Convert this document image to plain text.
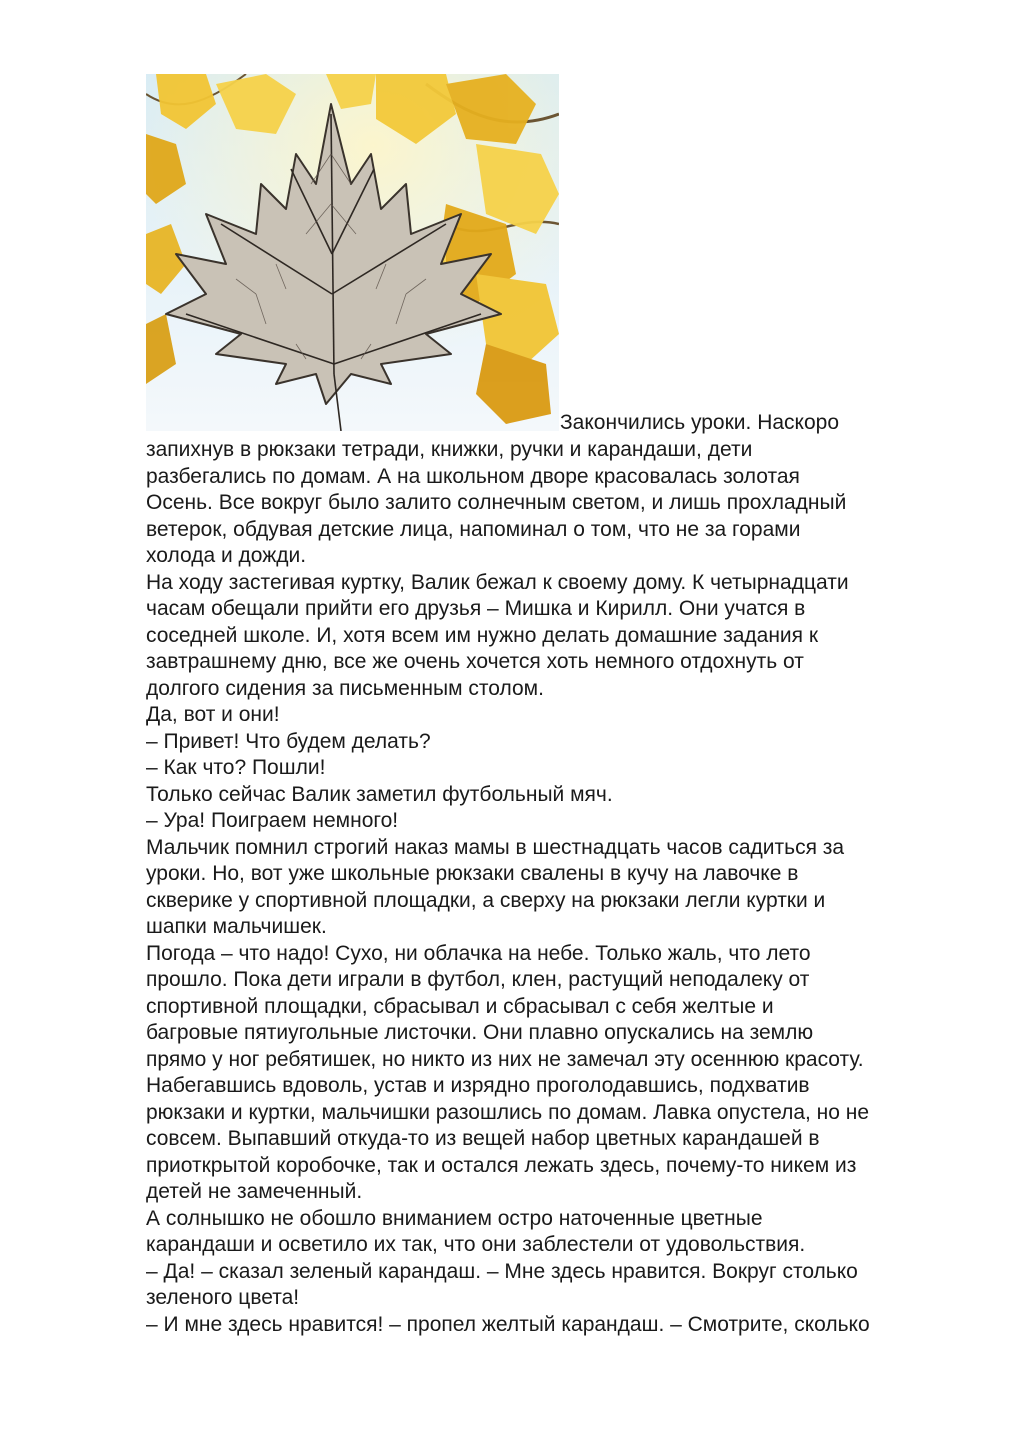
Закончились уроки. Наскоро
запихнув в рюкзаки тетради, книжки, ручки и карандаши, дети
разбегались по домам. А на школьном дворе красовалась золотая
Осень. Все вокруг было залито солнечным светом, и лишь прохладный
ветерок, обдувая детские лица, напоминал о том, что не за горами
холода и дожди.
На ходу застегивая куртку, Валик бежал к своему дому. К четырнадцати
часам обещали прийти его друзья – Мишка и Кирилл. Они учатся в
соседней школе. И, хотя всем им нужно делать домашние задания к
завтрашнему дню, все же очень хочется хоть немного отдохнуть от
долгого сидения за письменным столом.
Да, вот и они!
– Привет! Что будем делать?
– Как что? Пошли!
Только сейчас Валик заметил футбольный мяч.
– Ура! Поиграем немного!
Мальчик помнил строгий наказ мамы в шестнадцать часов садиться за
уроки. Но, вот уже школьные рюкзаки свалены в кучу на лавочке в
скверике у спортивной площадки, а сверху на рюкзаки легли куртки и
шапки мальчишек.
Погода – что надо! Сухо, ни облачка на небе. Только жаль, что лето
прошло. Пока дети играли в футбол, клен, растущий неподалеку от
спортивной площадки, сбрасывал и сбрасывал с себя желтые и
багровые пятиугольные листочки. Они плавно опускались на землю
прямо у ног ребятишек, но никто из них не замечал эту осеннюю красоту.
Набегавшись вдоволь, устав и изрядно проголодавшись, подхватив
рюкзаки и куртки, мальчишки разошлись по домам. Лавка опустела, но не
совсем. Выпавший откуда-то из вещей набор цветных карандашей в
приоткрытой коробочке, так и остался лежать здесь, почему-то никем из
детей не замеченный.
А солнышко не обошло вниманием остро наточенные цветные
карандаши и осветило их так, что они заблестели от удовольствия.
– Да! – сказал зеленый карандаш. – Мне здесь нравится. Вокруг столько
зеленого цвета!
– И мне здесь нравится! – пропел желтый карандаш. – Смотрите, сколько
